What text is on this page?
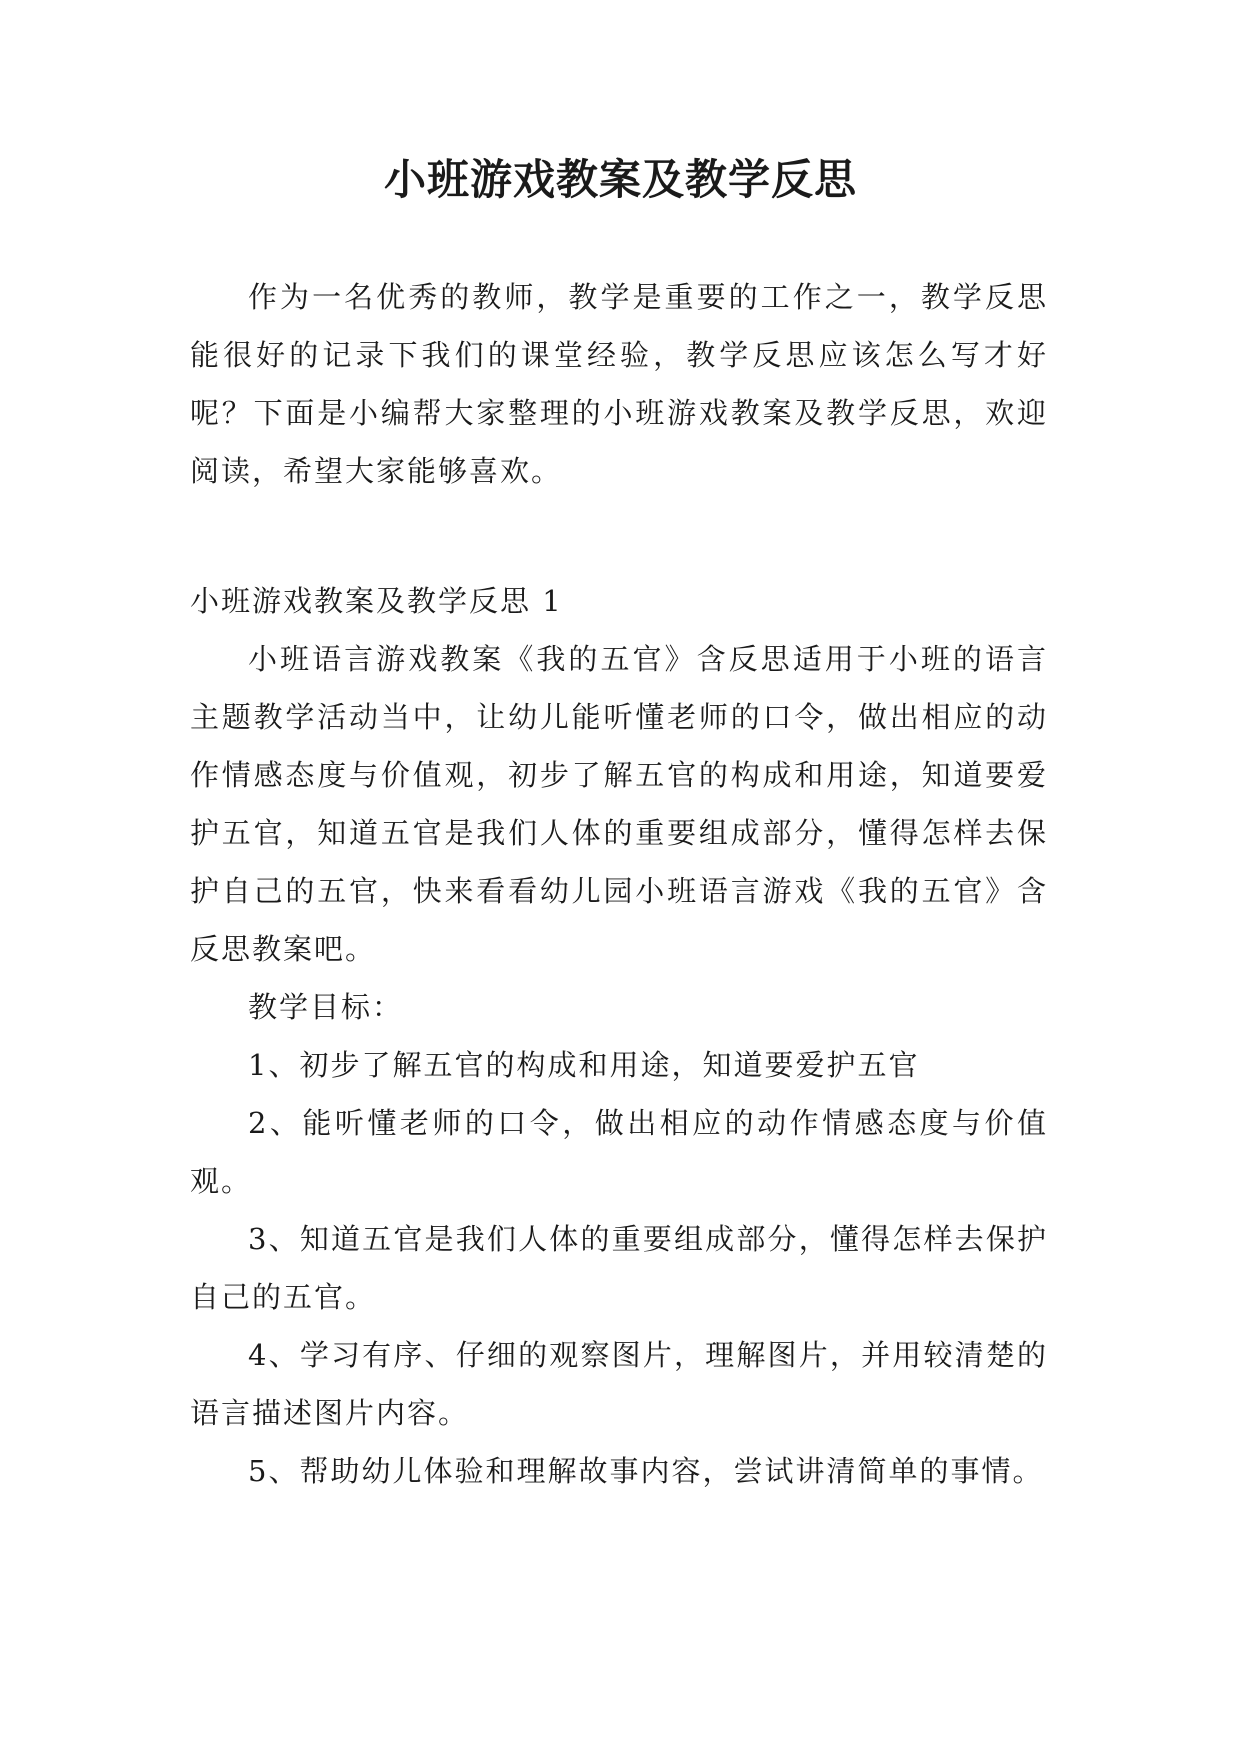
小班游戏教案及教学反思

作为一名优秀的教师，教学是重要的工作之一，教学反思能很好的记录下我们的课堂经验，教学反思应该怎么写才好呢？下面是小编帮大家整理的小班游戏教案及教学反思，欢迎阅读，希望大家能够喜欢。

小班游戏教案及教学反思 1

小班语言游戏教案《我的五官》含反思适用于小班的语言主题教学活动当中，让幼儿能听懂老师的口令，做出相应的动作情感态度与价值观，初步了解五官的构成和用途，知道要爱护五官，知道五官是我们人体的重要组成部分，懂得怎样去保护自己的五官，快来看看幼儿园小班语言游戏《我的五官》含反思教案吧。

教学目标：

1、初步了解五官的构成和用途，知道要爱护五官

2、能听懂老师的口令，做出相应的动作情感态度与价值观。

3、知道五官是我们人体的重要组成部分，懂得怎样去保护自己的五官。

4、学习有序、仔细的观察图片，理解图片，并用较清楚的语言描述图片内容。

5、帮助幼儿体验和理解故事内容，尝试讲清简单的事情。
